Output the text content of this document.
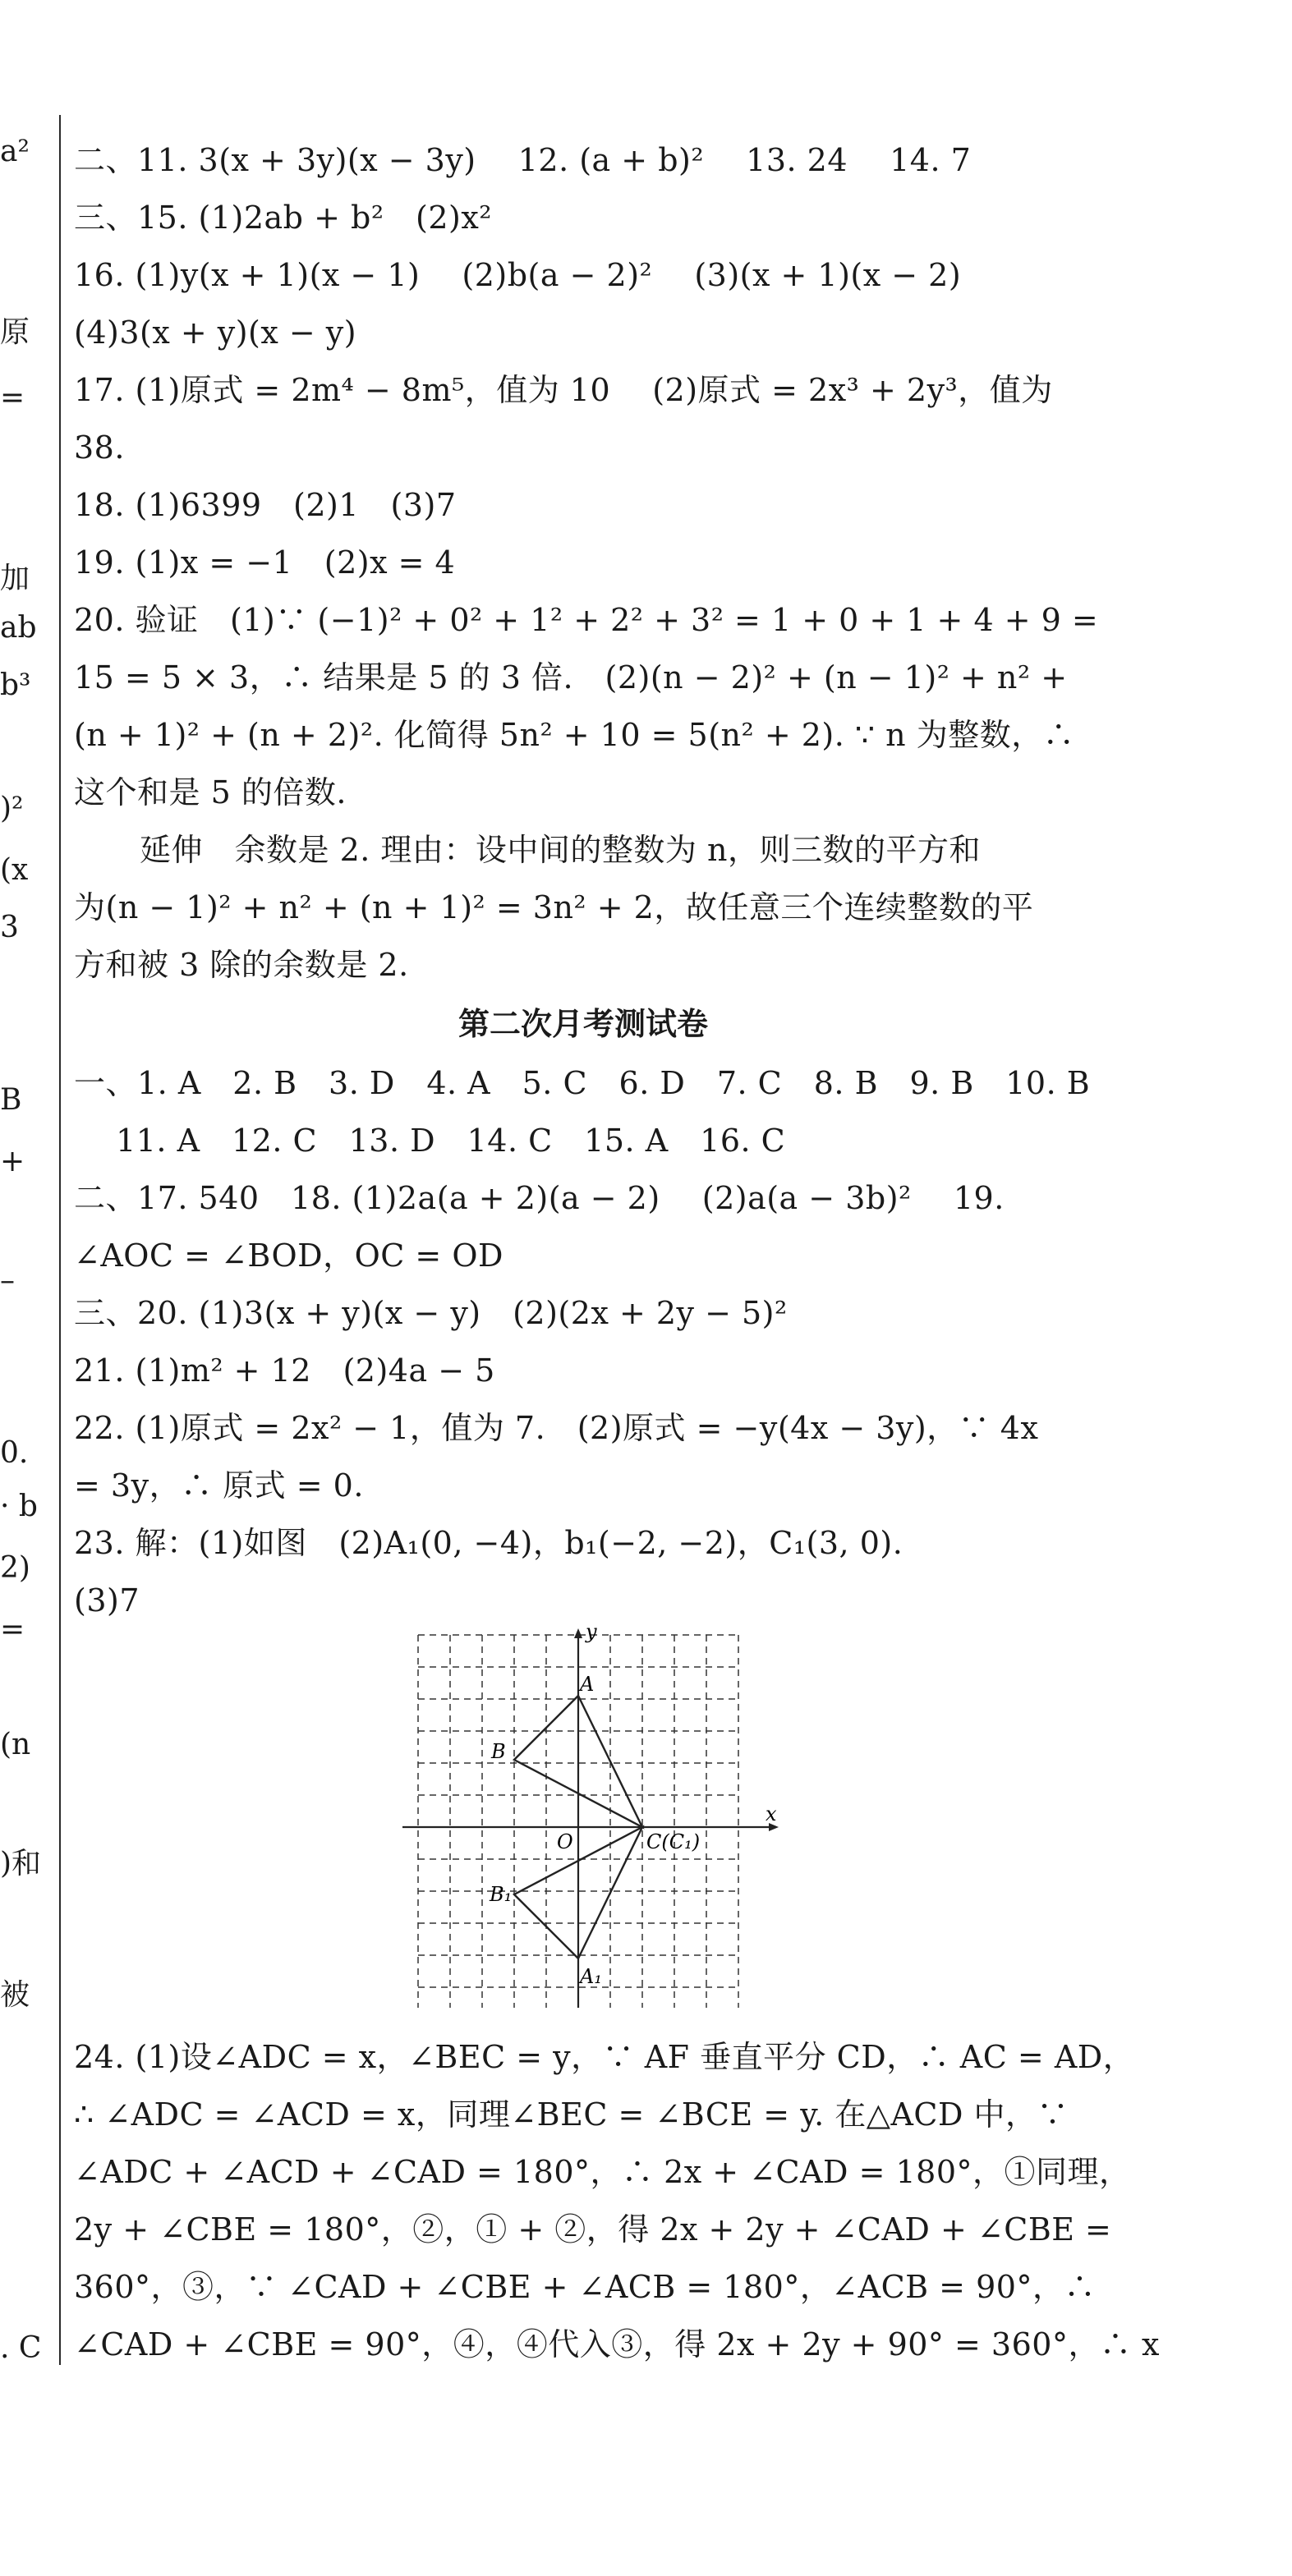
a²
原
=
加
ab
b³
)²
(x
3
B
+
–
0.
· b
2)
=
(n
)和
被
. C
二、11. 3(x + 3y)(x − 3y)　 12. (a + b)²　 13. 24　 14. 7
三、15. (1)2ab + b²　(2)x²
16. (1)y(x + 1)(x − 1)　 (2)b(a − 2)²　 (3)(x + 1)(x − 2)
(4)3(x + y)(x − y)
17. (1)原式 = 2m⁴ − 8m⁵，值为 10　 (2)原式 = 2x³ + 2y³，值为
38.
18. (1)6399　(2)1　(3)7
19. (1)x = −1　(2)x = 4
20. 验证　(1)∵ (−1)² + 0² + 1² + 2² + 3² = 1 + 0 + 1 + 4 + 9 =
15 = 5 × 3，∴ 结果是 5 的 3 倍.　(2)(n − 2)² + (n − 1)² + n² +
(n + 1)² + (n + 2)². 化简得 5n² + 10 = 5(n² + 2). ∵ n 为整数，∴
这个和是 5 的倍数.
延伸　余数是 2. 理由：设中间的整数为 n，则三数的平方和
为(n − 1)² + n² + (n + 1)² = 3n² + 2，故任意三个连续整数的平
方和被 3 除的余数是 2.
第二次月考测试卷
一、1. A　2. B　3. D　4. A　5. C　6. D　7. C　8. B　9. B　10. B
　 11. A　12. C　13. D　14. C　15. A　16. C
二、17. 540　18. (1)2a(a + 2)(a − 2)　 (2)a(a − 3b)²　 19.
∠AOC = ∠BOD，OC = OD
三、20. (1)3(x + y)(x − y)　(2)(2x + 2y − 5)²
21. (1)m² + 12　(2)4a − 5
22. (1)原式 = 2x² − 1，值为 7.　(2)原式 = −y(4x − 3y)，∵ 4x
= 3y，∴ 原式 = 0.
23. 解：(1)如图　(2)A₁(0, −4)，b₁(−2, −2)，C₁(3, 0).
(3)7
y
x
O
A
B
C(C₁)
B₁
A₁
24. (1)设∠ADC = x，∠BEC = y，∵ AF 垂直平分 CD，∴ AC = AD，
∴ ∠ADC = ∠ACD = x，同理∠BEC = ∠BCE = y. 在△ACD 中，∵
∠ADC + ∠ACD + ∠CAD = 180°，∴ 2x + ∠CAD = 180°，①同理，
2y + ∠CBE = 180°，②，① + ②，得 2x + 2y + ∠CAD + ∠CBE =
360°，③，∵ ∠CAD + ∠CBE + ∠ACB = 180°，∠ACB = 90°，∴
∠CAD + ∠CBE = 90°，④，④代入③，得 2x + 2y + 90° = 360°，∴ x
